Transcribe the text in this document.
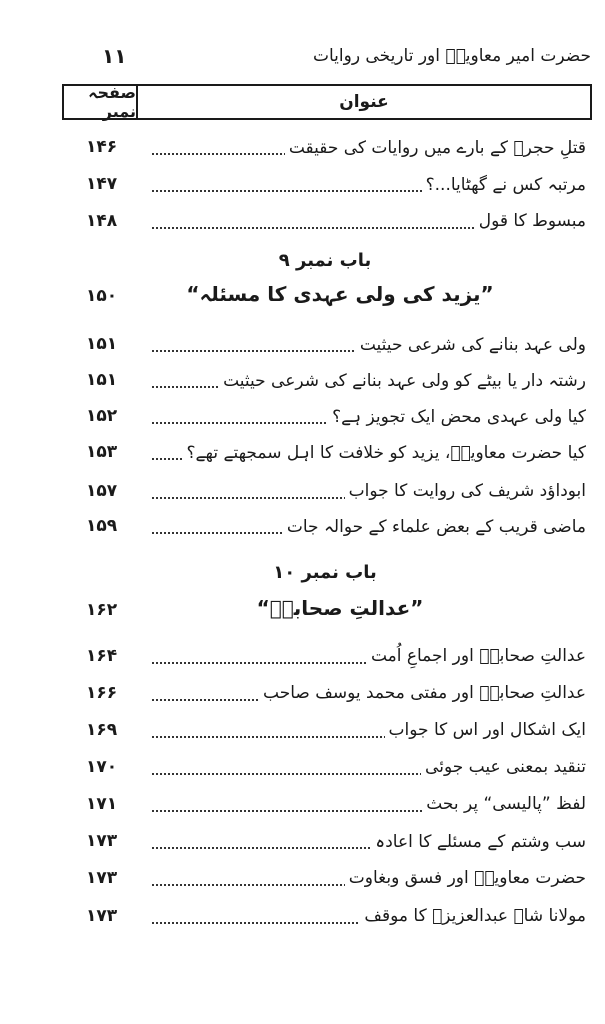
۱۱	حضرت امیر معاویہؓ اور تاریخی روایات
صفحہ نمبر	عنوان
قتلِ حجرؓ کے بارے میں روایات کی حقیقت
۱۴۶
مرتبہ کس نے گھٹایا...؟
۱۴۷
مبسوط کا قول
۱۴۸
باب نمبر ۹
”یزید کی ولی عہدی کا مسئلہ“
۱۵۰
ولی عہد بنانے کی شرعی حیثیت
۱۵۱
رشتہ دار یا بیٹے کو ولی عہد بنانے کی شرعی حیثیت
۱۵۱
کیا ولی عہدی محض ایک تجویز ہے؟
۱۵۲
کیا حضرت معاویہؓ، یزید کو خلافت کا اہل سمجھتے تھے؟
۱۵۳
ابوداؤد شریف کی روایت کا جواب
۱۵۷
ماضی قریب کے بعض علماء کے حوالہ جات
۱۵۹
باب نمبر ۱۰
”عدالتِ صحابہؓ“
۱۶۲
عدالتِ صحابہؓ اور اجماعِ اُمت
۱۶۴
عدالتِ صحابہؓ اور مفتی محمد یوسف صاحب
۱۶۶
ایک اشکال اور اس کا جواب
۱۶۹
تنقید بمعنی عیب جوئی
۱۷۰
لفظ ”پالیسی“ پر بحث
۱۷۱
سب وشتم کے مسئلے کا اعادہ
۱۷۳
حضرت معاویہؓ اور فسق وبغاوت
۱۷۳
مولانا شاہ عبدالعزیزؒ کا موقف
۱۷۳
